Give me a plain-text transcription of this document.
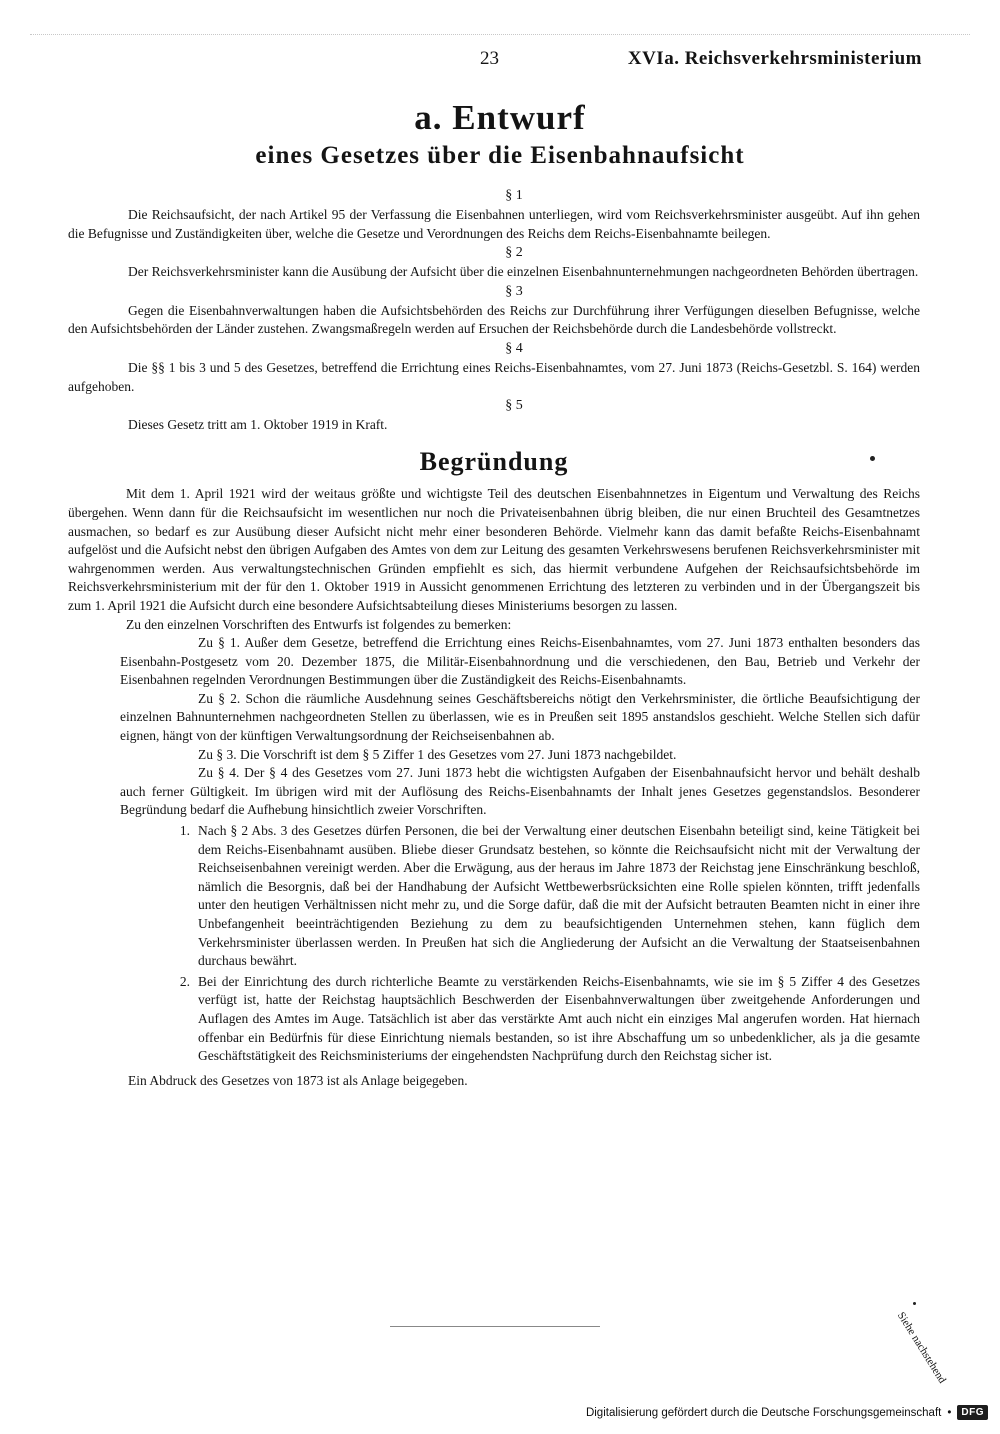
23	XVIa. Reichsverkehrsministerium
a. Entwurf
eines Gesetzes über die Eisenbahnaufsicht

§ 1

Die Reichsaufsicht, der nach Artikel 95 der Verfassung die Eisenbahnen unterliegen, wird vom Reichsverkehrsminister ausgeübt. Auf ihn gehen die Befugnisse und Zuständigkeiten über, welche die Gesetze und Verordnungen des Reichs dem Reichs-Eisenbahnamte beilegen.

§ 2

Der Reichsverkehrsminister kann die Ausübung der Aufsicht über die einzelnen Eisenbahnunternehmungen nachgeordneten Behörden übertragen.

§ 3

Gegen die Eisenbahnverwaltungen haben die Aufsichtsbehörden des Reichs zur Durchführung ihrer Verfügungen dieselben Befugnisse, welche den Aufsichtsbehörden der Länder zustehen. Zwangsmaßregeln werden auf Ersuchen der Reichsbehörde durch die Landesbehörde vollstreckt.

§ 4

Die §§ 1 bis 3 und 5 des Gesetzes, betreffend die Errichtung eines Reichs-Eisenbahnamtes, vom 27. Juni 1873 (Reichs-Gesetzbl. S. 164) werden aufgehoben.

§ 5

Dieses Gesetz tritt am 1. Oktober 1919 in Kraft.

Begründung

Mit dem 1. April 1921 wird der weitaus größte und wichtigste Teil des deutschen Eisenbahnnetzes in Eigentum und Verwaltung des Reichs übergehen. Wenn dann für die Reichsaufsicht im wesentlichen nur noch die Privateisenbahnen übrig bleiben, die nur einen Bruchteil des Gesamtnetzes ausmachen, so bedarf es zur Ausübung dieser Aufsicht nicht mehr einer besonderen Behörde. Vielmehr kann das damit befaßte Reichs-Eisenbahnamt aufgelöst und die Aufsicht nebst den übrigen Aufgaben des Amtes von dem zur Leitung des gesamten Verkehrswesens berufenen Reichsverkehrsminister mit wahrgenommen werden. Aus verwaltungstechnischen Gründen empfiehlt es sich, das hiermit verbundene Aufgehen der Reichsaufsichtsbehörde im Reichsverkehrsministerium mit der für den 1. Oktober 1919 in Aussicht genommenen Errichtung des letzteren zu verbinden und in der Übergangszeit bis zum 1. April 1921 die Aufsicht durch eine besondere Aufsichtsabteilung dieses Ministeriums besorgen zu lassen.

Zu den einzelnen Vorschriften des Entwurfs ist folgendes zu bemerken:

Zu § 1. Außer dem Gesetze, betreffend die Errichtung eines Reichs-Eisenbahnamtes, vom 27. Juni 1873 enthalten besonders das Eisenbahn-Postgesetz vom 20. Dezember 1875, die Militär-Eisenbahnordnung und die verschiedenen, den Bau, Betrieb und Verkehr der Eisenbahnen regelnden Verordnungen Bestimmungen über die Zuständigkeit des Reichs-Eisenbahnamts.

Zu § 2. Schon die räumliche Ausdehnung seines Geschäftsbereichs nötigt den Verkehrsminister, die örtliche Beaufsichtigung der einzelnen Bahnunternehmen nachgeordneten Stellen zu überlassen, wie es in Preußen seit 1895 anstandslos geschieht. Welche Stellen sich dafür eignen, hängt von der künftigen Verwaltungsordnung der Reichseisenbahnen ab.

Zu § 3. Die Vorschrift ist dem § 5 Ziffer 1 des Gesetzes vom 27. Juni 1873 nachgebildet.

Zu § 4. Der § 4 des Gesetzes vom 27. Juni 1873 hebt die wichtigsten Aufgaben der Eisenbahnaufsicht hervor und behält deshalb auch ferner Gültigkeit. Im übrigen wird mit der Auflösung des Reichs-Eisenbahnamts der Inhalt jenes Gesetzes gegenstandslos. Besonderer Begründung bedarf die Aufhebung hinsichtlich zweier Vorschriften.

1. Nach § 2 Abs. 3 des Gesetzes dürfen Personen, die bei der Verwaltung einer deutschen Eisenbahn beteiligt sind, keine Tätigkeit bei dem Reichs-Eisenbahnamt ausüben. Bliebe dieser Grundsatz bestehen, so könnte die Reichsaufsicht nicht mit der Verwaltung der Reichseisenbahnen vereinigt werden. Aber die Erwägung, aus der heraus im Jahre 1873 der Reichstag jene Einschränkung beschloß, nämlich die Besorgnis, daß bei der Handhabung der Aufsicht Wettbewerbsrücksichten eine Rolle spielen könnten, trifft jedenfalls unter den heutigen Verhältnissen nicht mehr zu, und die Sorge dafür, daß die mit der Aufsicht betrauten Beamten nicht in einer ihre Unbefangenheit beeinträchtigenden Beziehung zu dem zu beaufsichtigenden Unternehmen stehen, kann füglich dem Verkehrsminister überlassen werden. In Preußen hat sich die Angliederung der Aufsicht an die Verwaltung der Staatseisenbahnen durchaus bewährt.
2. Bei der Einrichtung des durch richterliche Beamte zu verstärkenden Reichs-Eisenbahnamts, wie sie im § 5 Ziffer 4 des Gesetzes verfügt ist, hatte der Reichstag hauptsächlich Beschwerden der Eisenbahnverwaltungen über zweitgehende Anforderungen und Auflagen des Amtes im Auge. Tatsächlich ist aber das verstärkte Amt auch nicht ein einziges Mal angerufen worden. Hat hiernach offenbar ein Bedürfnis für diese Einrichtung niemals bestanden, so ist ihre Abschaffung um so unbedenklicher, als ja die gesamte Geschäftstätigkeit des Reichsministeriums der eingehendsten Nachprüfung durch den Reichstag sicher ist.

Ein Abdruck des Gesetzes von 1873 ist als Anlage beigegeben.

Siehe nachstehend
Digitalisierung gefördert durch die Deutsche Forschungsgemeinschaft •	DFG
